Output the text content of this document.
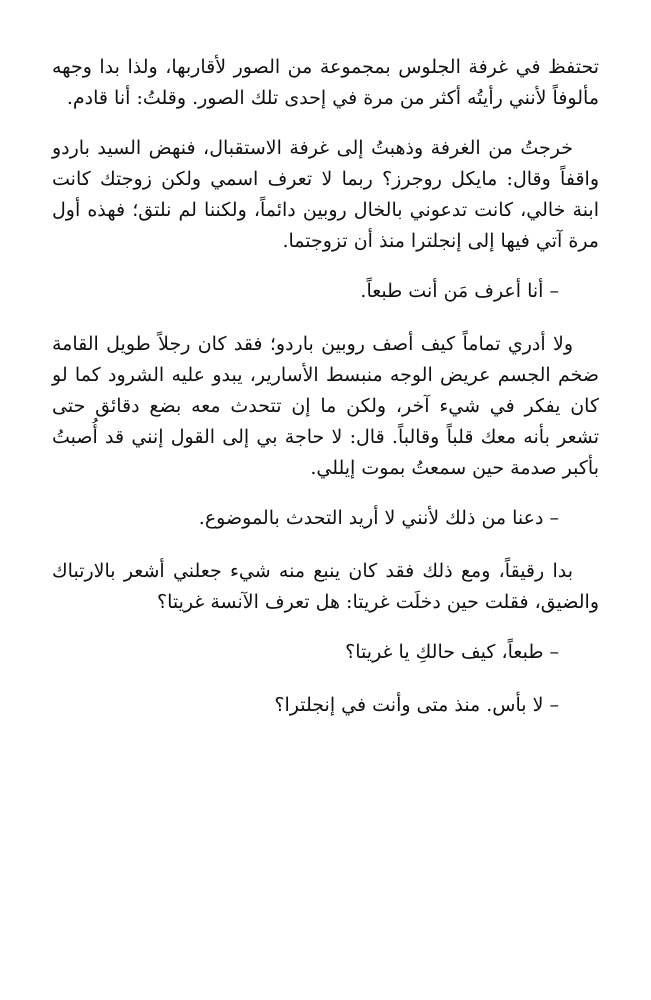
تحتفظ في غرفة الجلوس بمجموعة من الصور لأقاربها، ولذا بدا وجهه مألوفاً لأنني رأيتُه أكثر من مرة في إحدى تلك الصور. وقلتُ: أنا قادم.

خرجتُ من الغرفة وذهبتُ إلى غرفة الاستقبال، فنهض السيد باردو واقفاً وقال: مايكل روجرز؟ ربما لا تعرف اسمي ولكن زوجتك كانت ابنة خالي، كانت تدعوني بالخال روبين دائماً، ولكننا لم نلتق؛ فهذه أول مرة آتي فيها إلى إنجلترا منذ أن تزوجتما.

– أنا أعرف مَن أنت طبعاً.

ولا أدري تماماً كيف أصف روبين باردو؛ فقد كان رجلاً طويل القامة ضخم الجسم عريض الوجه منبسط الأسارير، يبدو عليه الشرود كما لو كان يفكر في شيء آخر، ولكن ما إن تتحدث معه بضع دقائق حتى تشعر بأنه معك قلباً وقالباً. قال: لا حاجة بي إلى القول إنني قد أُصبتُ بأكبر صدمة حين سمعتُ بموت إيللي.

– دعنا من ذلك لأنني لا أريد التحدث بالموضوع.

بدا رقيقاً، ومع ذلك فقد كان ينبع منه شيء جعلني أشعر بالارتباك والضيق، فقلت حين دخلَت غريتا: هل تعرف الآنسة غريتا؟

– طبعاً، كيف حالكِ يا غريتا؟

– لا بأس. منذ متى وأنت في إنجلترا؟
